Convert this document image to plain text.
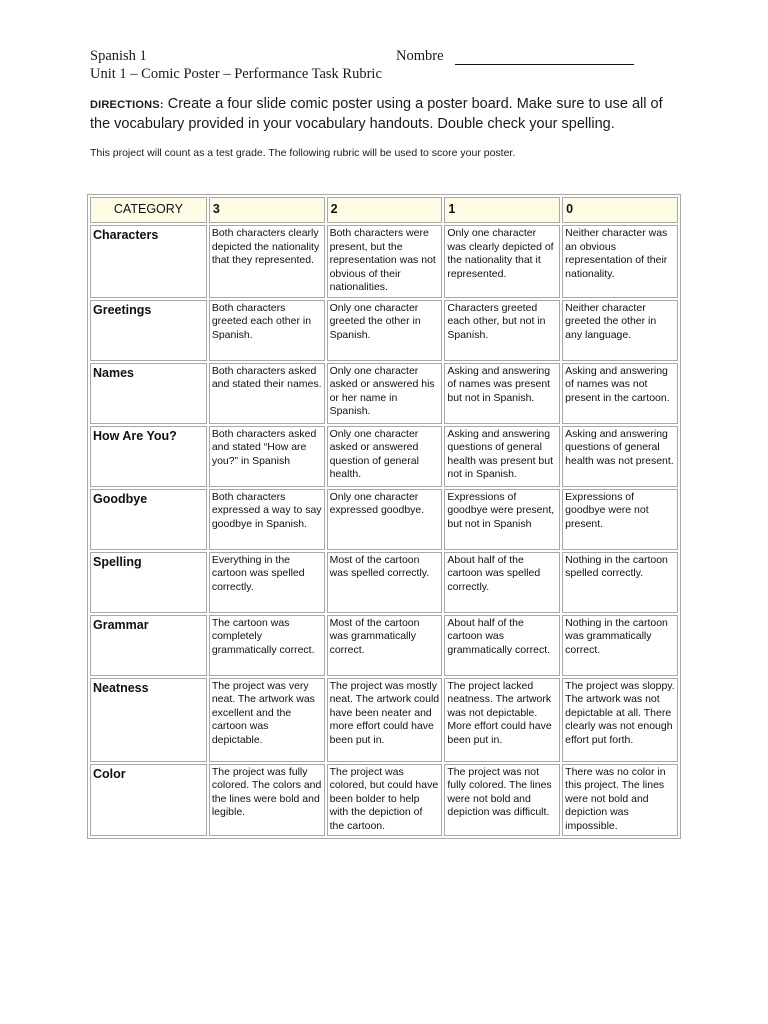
Spanish 1
Unit 1 – Comic Poster – Performance Task Rubric
Nombre
DIRECTIONS: Create a four slide comic poster using a poster board. Make sure to use all of the vocabulary provided in your vocabulary handouts. Double check your spelling.
This project will count as a test grade. The following rubric will be used to score your poster.
CATEGORY	3	2	1	0
Characters	Both characters clearly depicted the nationality that they represented.	Both characters were present, but the representation was not obvious of their nationalities.	Only one character was clearly depicted of the nationality that it represented.	Neither character was an obvious representation of their nationality.
Greetings	Both characters greeted each other in Spanish.	Only one character greeted the other in Spanish.	Characters greeted each other, but not in Spanish.	Neither character greeted the other in any language.
Names	Both characters asked and stated their names.	Only one character asked or answered his or her name in Spanish.	Asking and answering of names was present but not in Spanish.	Asking and answering of names was not present in the cartoon.
How Are You?	Both characters asked and stated “How are you?” in Spanish	Only one character asked or answered question of general health.	Asking and answering questions of general health was present but not in Spanish.	Asking and answering questions of general health was not present.
Goodbye	Both characters expressed a way to say goodbye in Spanish.	Only one character expressed goodbye.	Expressions of goodbye were present, but not in Spanish	Expressions of goodbye were not present.
Spelling	Everything in the cartoon was spelled correctly.	Most of the cartoon was spelled correctly.	About half of the cartoon was spelled correctly.	Nothing in the cartoon spelled correctly.
Grammar	The cartoon was completely grammatically correct.	Most of the cartoon was grammatically correct.	About half of the cartoon was grammatically correct.	Nothing in the cartoon was grammatically correct.
Neatness	The project was very neat. The artwork was excellent and the cartoon was depictable.	The project was mostly neat. The artwork could have been neater and more effort could have been put in.	The project lacked neatness. The artwork was not depictable. More effort could have been put in.	The project was sloppy. The artwork was not depictable at all. There clearly was not enough effort put forth.
Color	The project was fully colored. The colors and the lines were bold and legible.	The project was colored, but could have been bolder to help with the depiction of the cartoon.	The project was not fully colored. The lines were not bold and depiction was difficult.	There was no color in this project. The lines were not bold and depiction was impossible.
